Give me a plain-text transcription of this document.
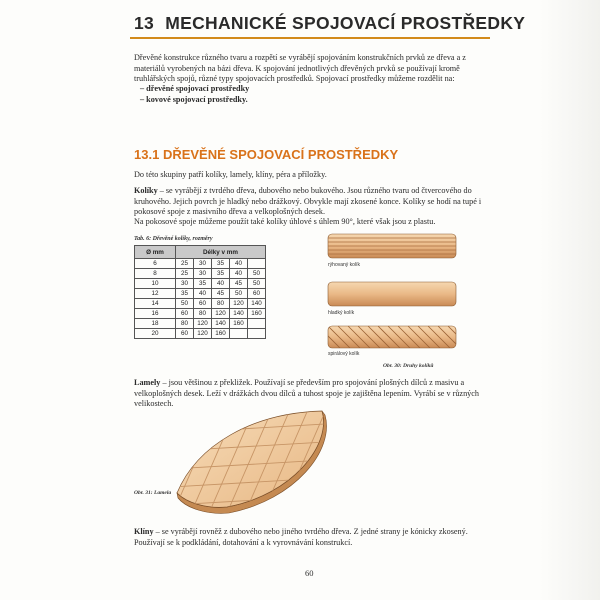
13 MECHANICKÉ SPOJOVACÍ PROSTŘEDKY
Dřevěné konstrukce různého tvaru a rozpětí se vyrábějí spojováním konstrukčních prvků ze dřeva a z materiálů vyrobených na bázi dřeva. K spojování jednotlivých dřevěných prvků se používají kromě truhlářských spojů, různé typy spojovacích prostředků. Spojovací prostředky můžeme rozdělit na:
– dřevěné spojovací prostředky
– kovové spojovací prostředky.
13.1 DŘEVĚNÉ SPOJOVACÍ PROSTŘEDKY
Do této skupiny patří kolíky, lamely, klíny, péra a příložky.
Kolíky – se vyrábějí z tvrdého dřeva, dubového nebo bukového. Jsou různého tvaru od čtvercového do kruhového. Jejich povrch je hladký nebo drážkový. Obvykle mají zkosené konce. Kolíky se hodí na tupé i pokosové spoje z masivního dřeva a velkoplošných desek.
Na pokosové spoje můžeme použít také kolíky úhlové s úhlem 90°, které však jsou z plastu.
Tab. 6: Dřevěné kolíky, rozměry
Ø mm	Délky v mm				
6	25	30	35	40	
8	25	30	35	40	50
10	30	35	40	45	50
12	35	40	45	50	60
14	50	60	80	120	140
16	60	80	120	140	160
18	80	120	140	160	
20	60	120	160		
rýhovaný kolík
hladký kolík
spirálový kolík
Obr. 30: Druhy kolíků
Lamely – jsou většinou z překližek. Používají se především pro spojování plošných dílců z masivu a velkoplošných desek. Leží v drážkách dvou dílců a tuhost spoje je zajištěna lepením. Vyrábí se v různých velikostech.
Obr. 31: Lamela
Klíny – se vyrábějí rovněž z dubového nebo jiného tvrdého dřeva. Z jedné strany je kónicky zkosený. Používají se k podkládání, dotahování a k vyrovnávání konstrukcí.
60
